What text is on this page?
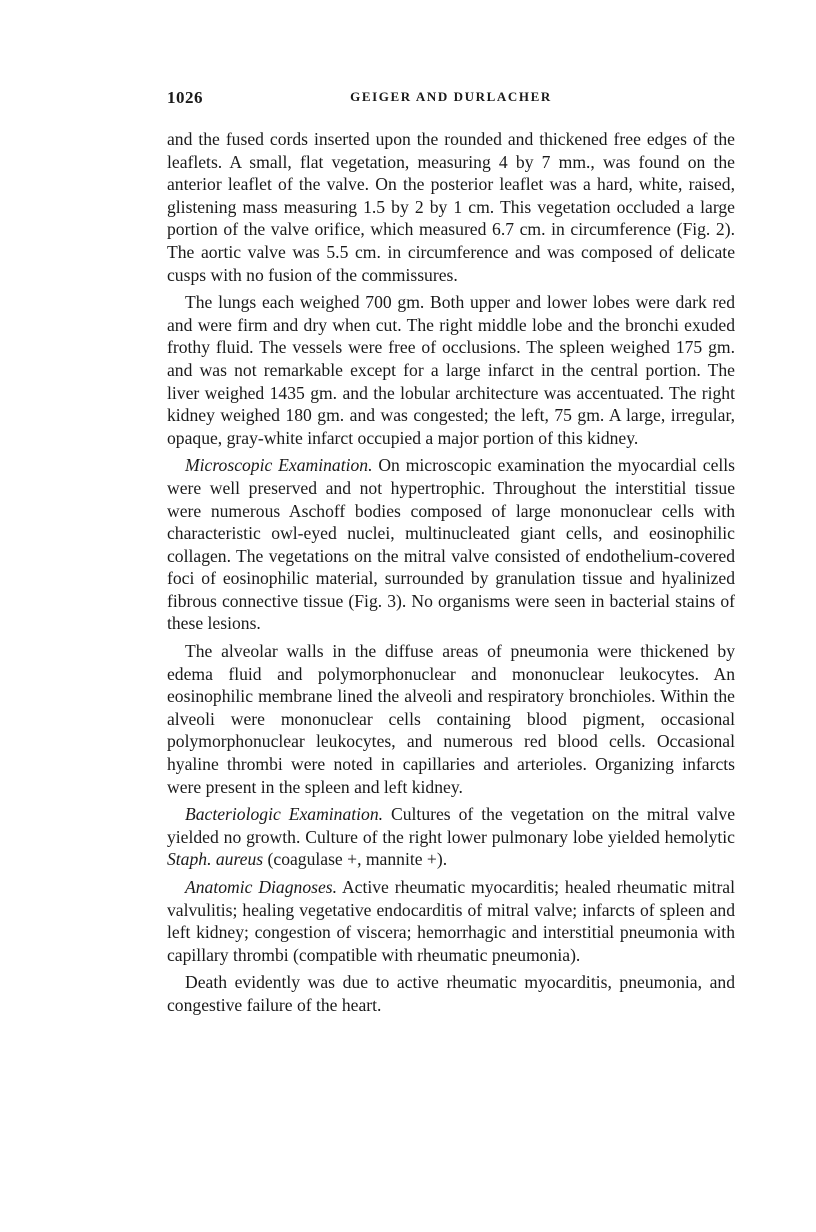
1026	GEIGER AND DURLACHER

and the fused cords inserted upon the rounded and thickened free edges of the leaflets. A small, flat vegetation, measuring 4 by 7 mm., was found on the anterior leaflet of the valve. On the posterior leaflet was a hard, white, raised, glistening mass measuring 1.5 by 2 by 1 cm. This vegetation occluded a large portion of the valve orifice, which measured 6.7 cm. in circumference (Fig. 2). The aortic valve was 5.5 cm. in circumference and was composed of delicate cusps with no fusion of the commissures.

The lungs each weighed 700 gm. Both upper and lower lobes were dark red and were firm and dry when cut. The right middle lobe and the bronchi exuded frothy fluid. The vessels were free of occlusions. The spleen weighed 175 gm. and was not remarkable except for a large infarct in the central portion. The liver weighed 1435 gm. and the lobular architecture was accentuated. The right kidney weighed 180 gm. and was congested; the left, 75 gm. A large, irregular, opaque, gray-white infarct occupied a major portion of this kidney.

Microscopic Examination. On microscopic examination the myocardial cells were well preserved and not hypertrophic. Throughout the interstitial tissue were numerous Aschoff bodies composed of large mononuclear cells with characteristic owl-eyed nuclei, multinucleated giant cells, and eosinophilic collagen. The vegetations on the mitral valve consisted of endothelium-covered foci of eosinophilic material, surrounded by granulation tissue and hyalinized fibrous connective tissue (Fig. 3). No organisms were seen in bacterial stains of these lesions.

The alveolar walls in the diffuse areas of pneumonia were thickened by edema fluid and polymorphonuclear and mononuclear leukocytes. An eosinophilic membrane lined the alveoli and respiratory bronchioles. Within the alveoli were mononuclear cells containing blood pigment, occasional polymorphonuclear leukocytes, and numerous red blood cells. Occasional hyaline thrombi were noted in capillaries and arterioles. Organizing infarcts were present in the spleen and left kidney.

Bacteriologic Examination. Cultures of the vegetation on the mitral valve yielded no growth. Culture of the right lower pulmonary lobe yielded hemolytic Staph. aureus (coagulase +, mannite +).

Anatomic Diagnoses. Active rheumatic myocarditis; healed rheumatic mitral valvulitis; healing vegetative endocarditis of mitral valve; infarcts of spleen and left kidney; congestion of viscera; hemorrhagic and interstitial pneumonia with capillary thrombi (compatible with rheumatic pneumonia).

Death evidently was due to active rheumatic myocarditis, pneumonia, and congestive failure of the heart.
